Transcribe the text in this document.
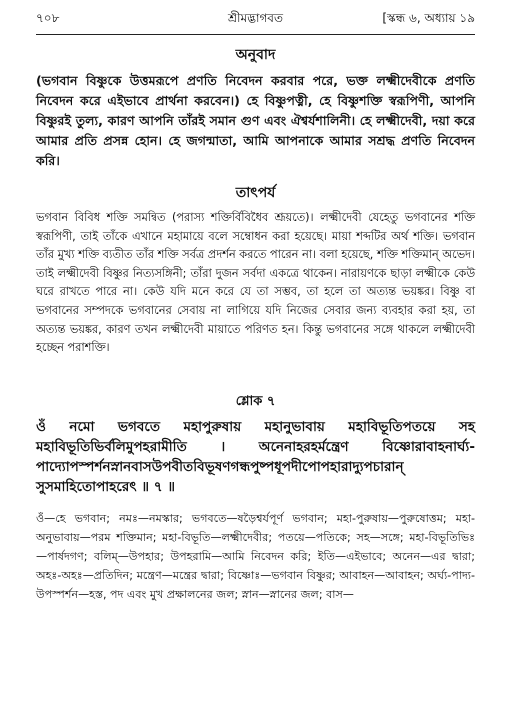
৭০৮	শ্রীমদ্ভাগবত	[স্কন্ধ ৬, অধ্যায় ১৯
অনুবাদ
(ভগবান বিষ্ণুকে উত্তমরূপে প্রণতি নিবেদন করবার পরে, ভক্ত লক্ষ্মীদেবীকে প্রণতি নিবেদন করে এইভাবে প্রার্থনা করবেন।) হে বিষ্ণুপত্নী, হে বিষ্ণুশক্তি স্বরূপিণী, আপনি বিষ্ণুরই তুল্য, কারণ আপনি তাঁরই সমান গুণ এবং ঐশ্বর্যশালিনী। হে লক্ষ্মীদেবী, দয়া করে আমার প্রতি প্রসন্ন হোন। হে জগন্মাতা, আমি আপনাকে আমার সশ্রদ্ধ প্রণতি নিবেদন করি।
তাৎপর্য

ভগবান বিবিধ শক্তি সমন্বিত (পরাস্য শক্তির্বিবিধৈব শ্রূয়তে)। লক্ষ্মীদেবী যেহেতু ভগবানের শক্তি স্বরূপিণী, তাই তাঁকে এখানে মহামায়ে বলে সম্বোধন করা হয়েছে। মায়া শব্দটির অর্থ শক্তি। ভগবান তাঁর মুখ্য শক্তি ব্যতীত তাঁর শক্তি সর্বত্র প্রদর্শন করতে পারেন না। বলা হয়েছে, শক্তি শক্তিমান্ অভেদ। তাই লক্ষ্মীদেবী বিষ্ণুর নিত্যসঙ্গিনী; তাঁরা দুজন সর্বদা একত্রে থাকেন। নারায়ণকে ছাড়া লক্ষ্মীকে কেউ ঘরে রাখতে পারে না। কেউ যদি মনে করে যে তা সম্ভব, তা হলে তা অত্যন্ত ভয়ঙ্কর। বিষ্ণু বা ভগবানের সম্পদকে ভগবানের সেবায় না লাগিয়ে যদি নিজের সেবার জন্য ব্যবহার করা হয়, তা অত্যন্ত ভয়ঙ্কর, কারণ তখন লক্ষ্মীদেবী মায়াতে পরিণত হন। কিন্তু ভগবানের সঙ্গে থাকলে লক্ষ্মীদেবী হচ্ছেন পরাশক্তি।

শ্লোক ৭
ওঁ নমো ভগবতে মহাপুরুষায় মহানুভাবায় মহাবিভূতিপতয়ে সহ মহাবিভূতিভির্বলিমুপহরামীতি । অনেনাহরহর্মন্ত্রেণ বিষ্ণোরাবাহনার্ঘ্য-পাদ্যোপস্পর্শনস্নানবাসউপবীতবিভূষণগন্ধপুষ্পধূপদীপোপহারাদ্যুপচারান্ সুসমাহিতোপাহরেৎ ॥ ৭ ॥
ওঁ—হে ভগবান; নমঃ—নমস্কার; ভগবতে—ষড়ৈশ্বর্যপূর্ণ ভগবান; মহা-পুরুষায়—পুরুষোত্তম; মহা-অনুভাবায়—পরম শক্তিমান; মহা-বিভূতি—লক্ষ্মীদেবীর; পতয়ে—পতিকে; সহ—সঙ্গে; মহা-বিভূতিভিঃ—পার্ষদগণ; বলিম্—উপহার; উপহরামি—আমি নিবেদন করি; ইতি—এইভাবে; অনেন—এর দ্বারা; অহঃ-অহঃ—প্রতিদিন; মন্ত্রেণ—মন্ত্রের দ্বারা; বিষ্ণোঃ—ভগবান বিষ্ণুর; আবাহন—আবাহন; অর্ঘ্য-পাদ্য-উপস্পর্শন—হস্ত, পদ এবং মুখ প্রক্ষালনের জল; স্নান—স্নানের জল; বাস—
